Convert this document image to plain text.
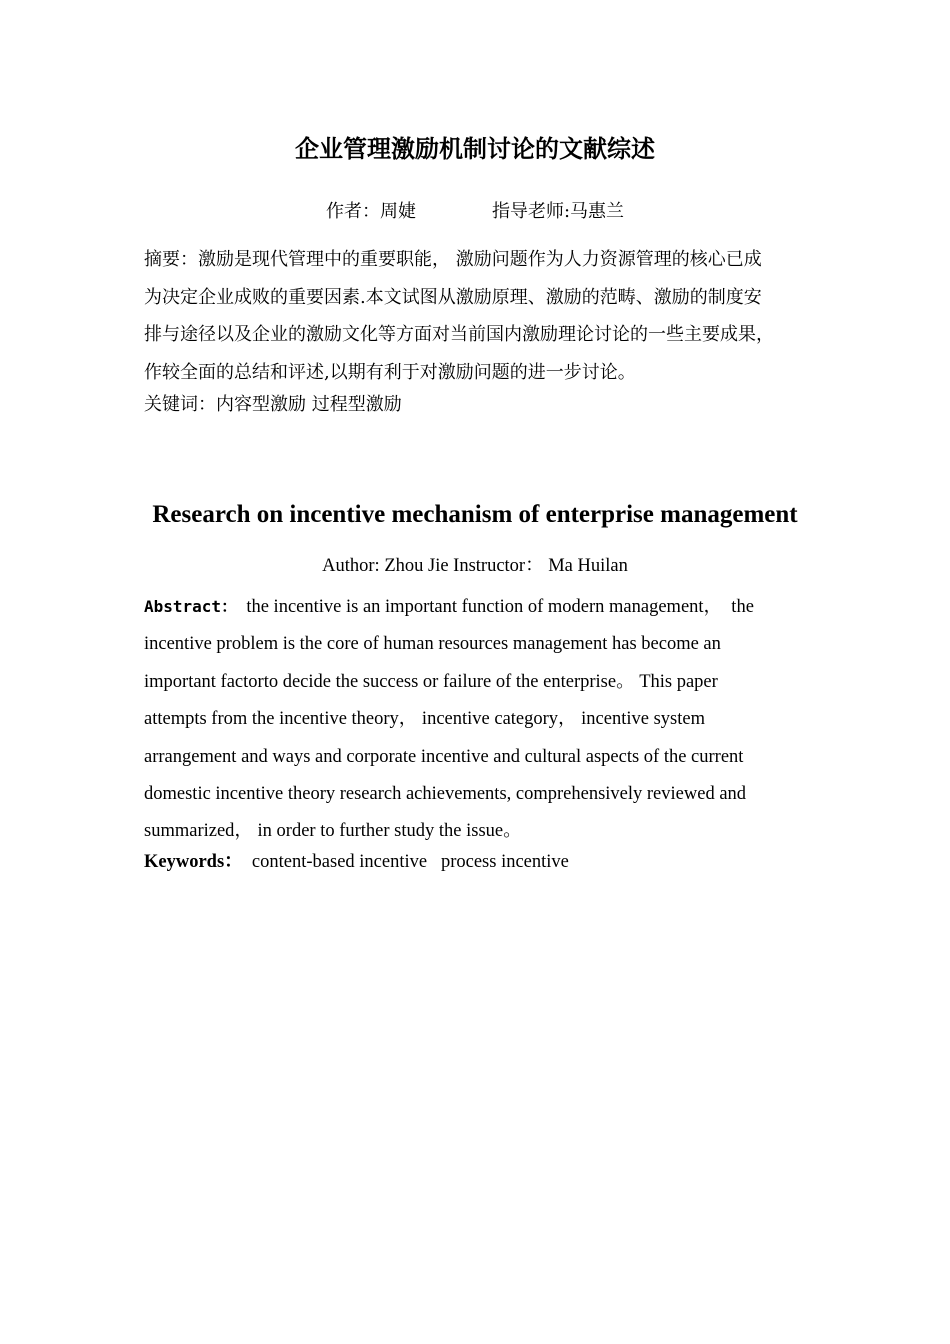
企业管理激励机制讨论的文献综述
作者：周婕	指导老师:马惠兰
摘要：激励是现代管理中的重要职能， 激励问题作为人力资源管理的核心已成
为决定企业成败的重要因素.本文试图从激励原理、激励的范畴、激励的制度安
排与途径以及企业的激励文化等方面对当前国内激励理论讨论的一些主要成果，
作较全面的总结和评述,以期有利于对激励问题的进一步讨论。
关键词：内容型激励 过程型激励
Research on incentive mechanism of enterprise management
Author: Zhou Jie Instructor： Ma Huilan
Abstract：  the incentive is an important function of modern management，  the
incentive problem is the core of human resources management has become an
important factorto decide the success or failure of the enterprise。 This paper
attempts from the incentive theory， incentive category， incentive system
arrangement and ways and corporate incentive and cultural aspects of the current
domestic incentive theory research achievements, comprehensively reviewed and
summarized， in order to further study the issue。
Keywords：  content-based incentive   process incentive
